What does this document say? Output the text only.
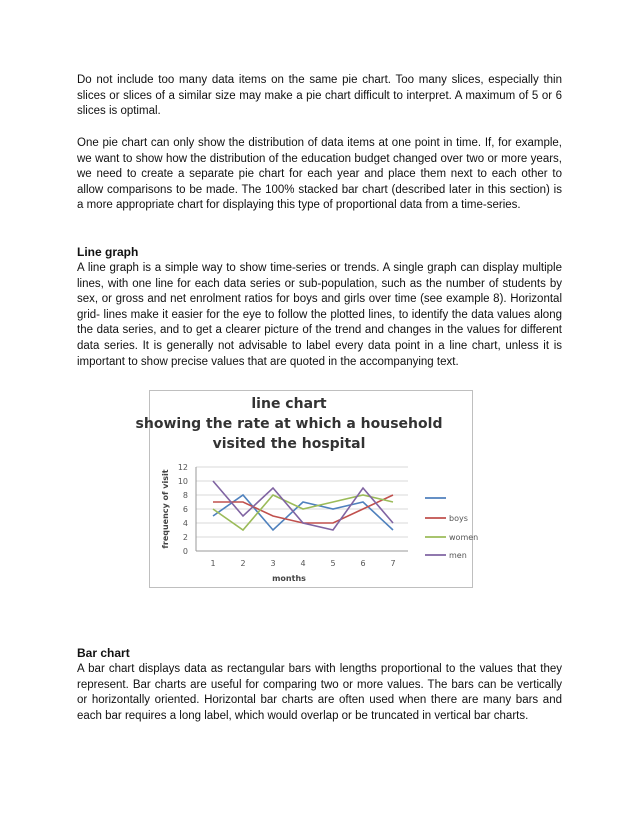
Do not include too many data items on the same pie chart. Too many slices, especially thin slices or slices of a similar size may make a pie chart difficult to interpret. A maximum of 5 or 6 slices is optimal.

One pie chart can only show the distribution of data items at one point in time. If, for example, we want to show how the distribution of the education budget changed over two or more years, we need to create a separate pie chart for each year and place them next to each other to allow comparisons to be made. The 100% stacked bar chart (described later in this section) is a more appropriate chart for displaying this type of proportional data from a time-series.

Line graph

A line graph is a simple way to show time-series or trends. A single graph can display multiple lines, with one line for each data series or sub-population, such as the number of students by sex, or gross and net enrolment ratios for boys and girls over time (see example 8). Horizontal grid- lines make it easier for the eye to follow the plotted lines, to identify the data values along the data series, and to get a clearer picture of the trend and changes in the values for different data series. It is generally not advisable to label every data point in a line chart, unless it is important to show precise values that are quoted in the accompanying text.

line chart
showing the rate at which a household
visited the hospital
0
2
4
6
8
10
12
1	2	3	4	5	6	7
months
frequency of visit	boys
women
men

Bar chart

A bar chart displays data as rectangular bars with lengths proportional to the values that they represent. Bar charts are useful for comparing two or more values. The bars can be vertically or horizontally oriented. Horizontal bar charts are often used when there are many bars and each bar requires a long label, which would overlap or be truncated in vertical bar charts.
